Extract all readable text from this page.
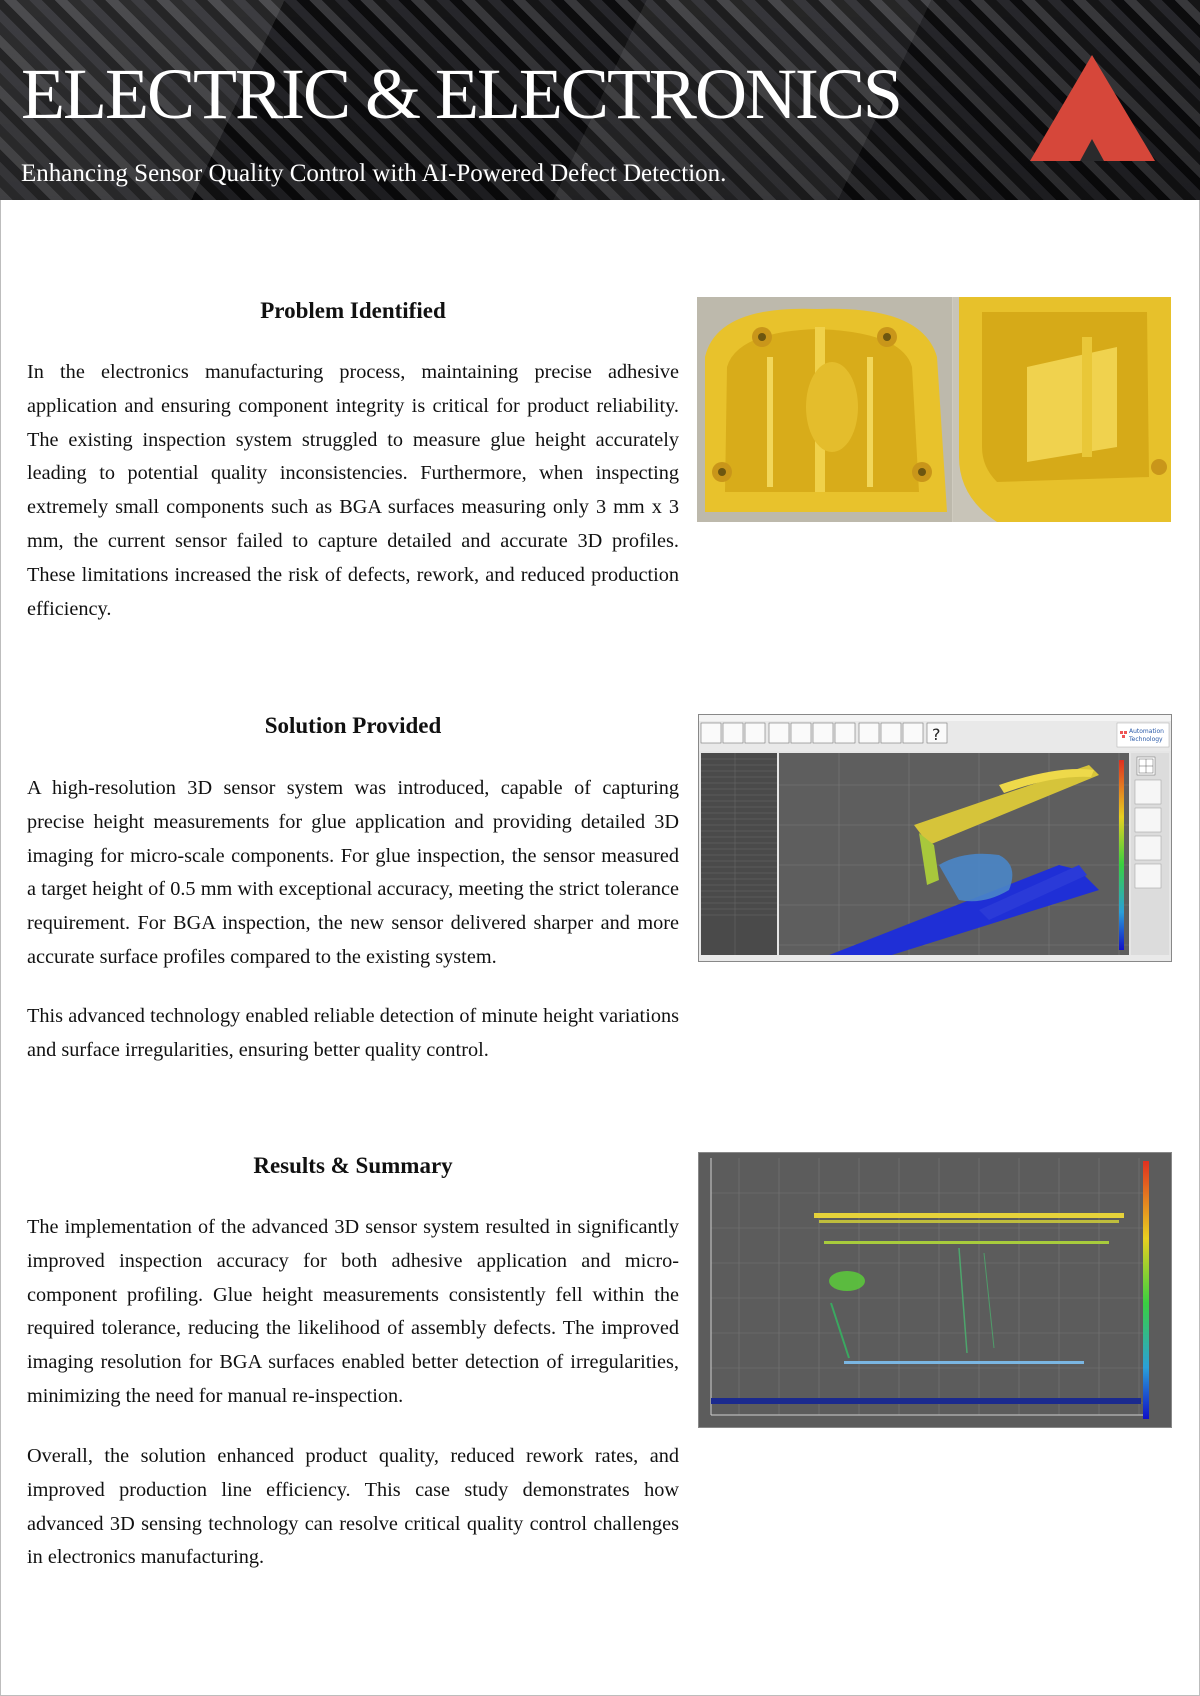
ELECTRIC & ELECTRONICS

Enhancing Sensor Quality Control with AI-Powered Defect Detection.

Problem Identified

In the electronics manufacturing process, maintaining precise adhesive application and ensuring component integrity is critical for product reliability. The existing inspection system struggled to measure glue height accurately leading to potential quality inconsistencies. Furthermore, when inspecting extremely small components such as BGA surfaces measuring only 3 mm x 3 mm, the current sensor failed to capture detailed and accurate 3D profiles. These limitations increased the risk of defects, rework, and reduced production efficiency.

Solution Provided

A high-resolution 3D sensor system was introduced, capable of capturing precise height measurements for glue application and providing detailed 3D imaging for micro-scale components. For glue inspection, the sensor measured a target height of 0.5 mm with exceptional accuracy, meeting the strict tolerance requirement. For BGA inspection, the new sensor delivered sharper and more accurate surface profiles compared to the existing system.

This advanced technology enabled reliable detection of minute height variations and surface irregularities, ensuring better quality control.

?	Automation
Technology
Results & Summary

The implementation of the advanced 3D sensor system resulted in significantly improved inspection accuracy for both adhesive application and micro-component profiling. Glue height measurements consistently fell within the required tolerance, reducing the likelihood of assembly defects. The improved imaging resolution for BGA surfaces enabled better detection of irregularities, minimizing the need for manual re-inspection.

Overall, the solution enhanced product quality, reduced rework rates, and improved production line efficiency. This case study demonstrates how advanced 3D sensing technology can resolve critical quality control challenges in electronics manufacturing.
